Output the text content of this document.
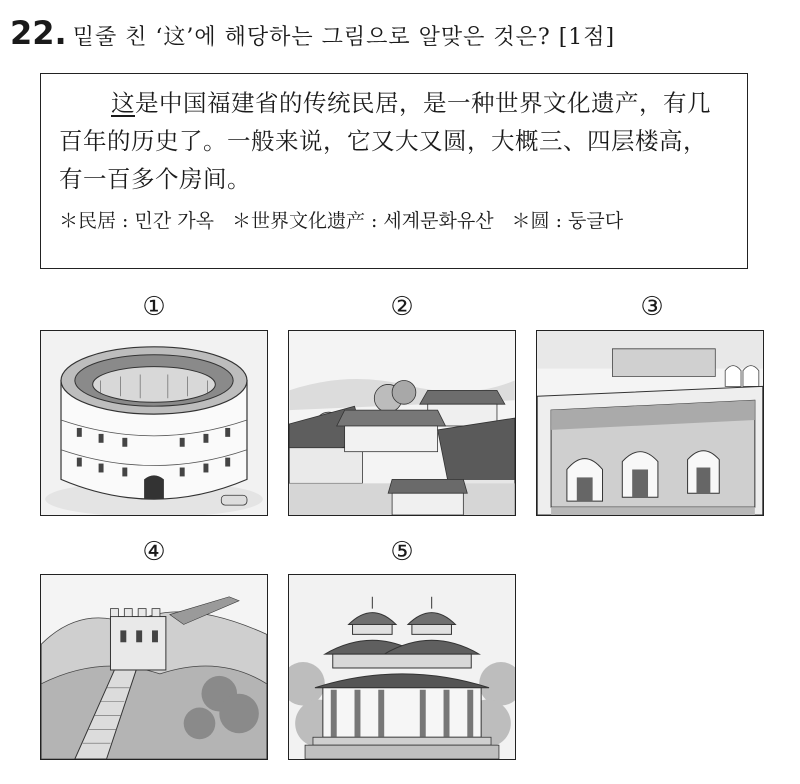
22. 밑줄 친 ‘这’에 해당하는 그림으로 알맞은 것은? [1점]
这是中国福建省的传统民居，是一种世界文化遗产，有几百年的历史了。一般来说，它又大又圆，大概三、四层楼高，有一百多个房间。
＊民居 : 민간 가옥 ＊世界文化遗产 : 세계문화유산 ＊圆 : 둥글다
①	②	③
④	⑤
